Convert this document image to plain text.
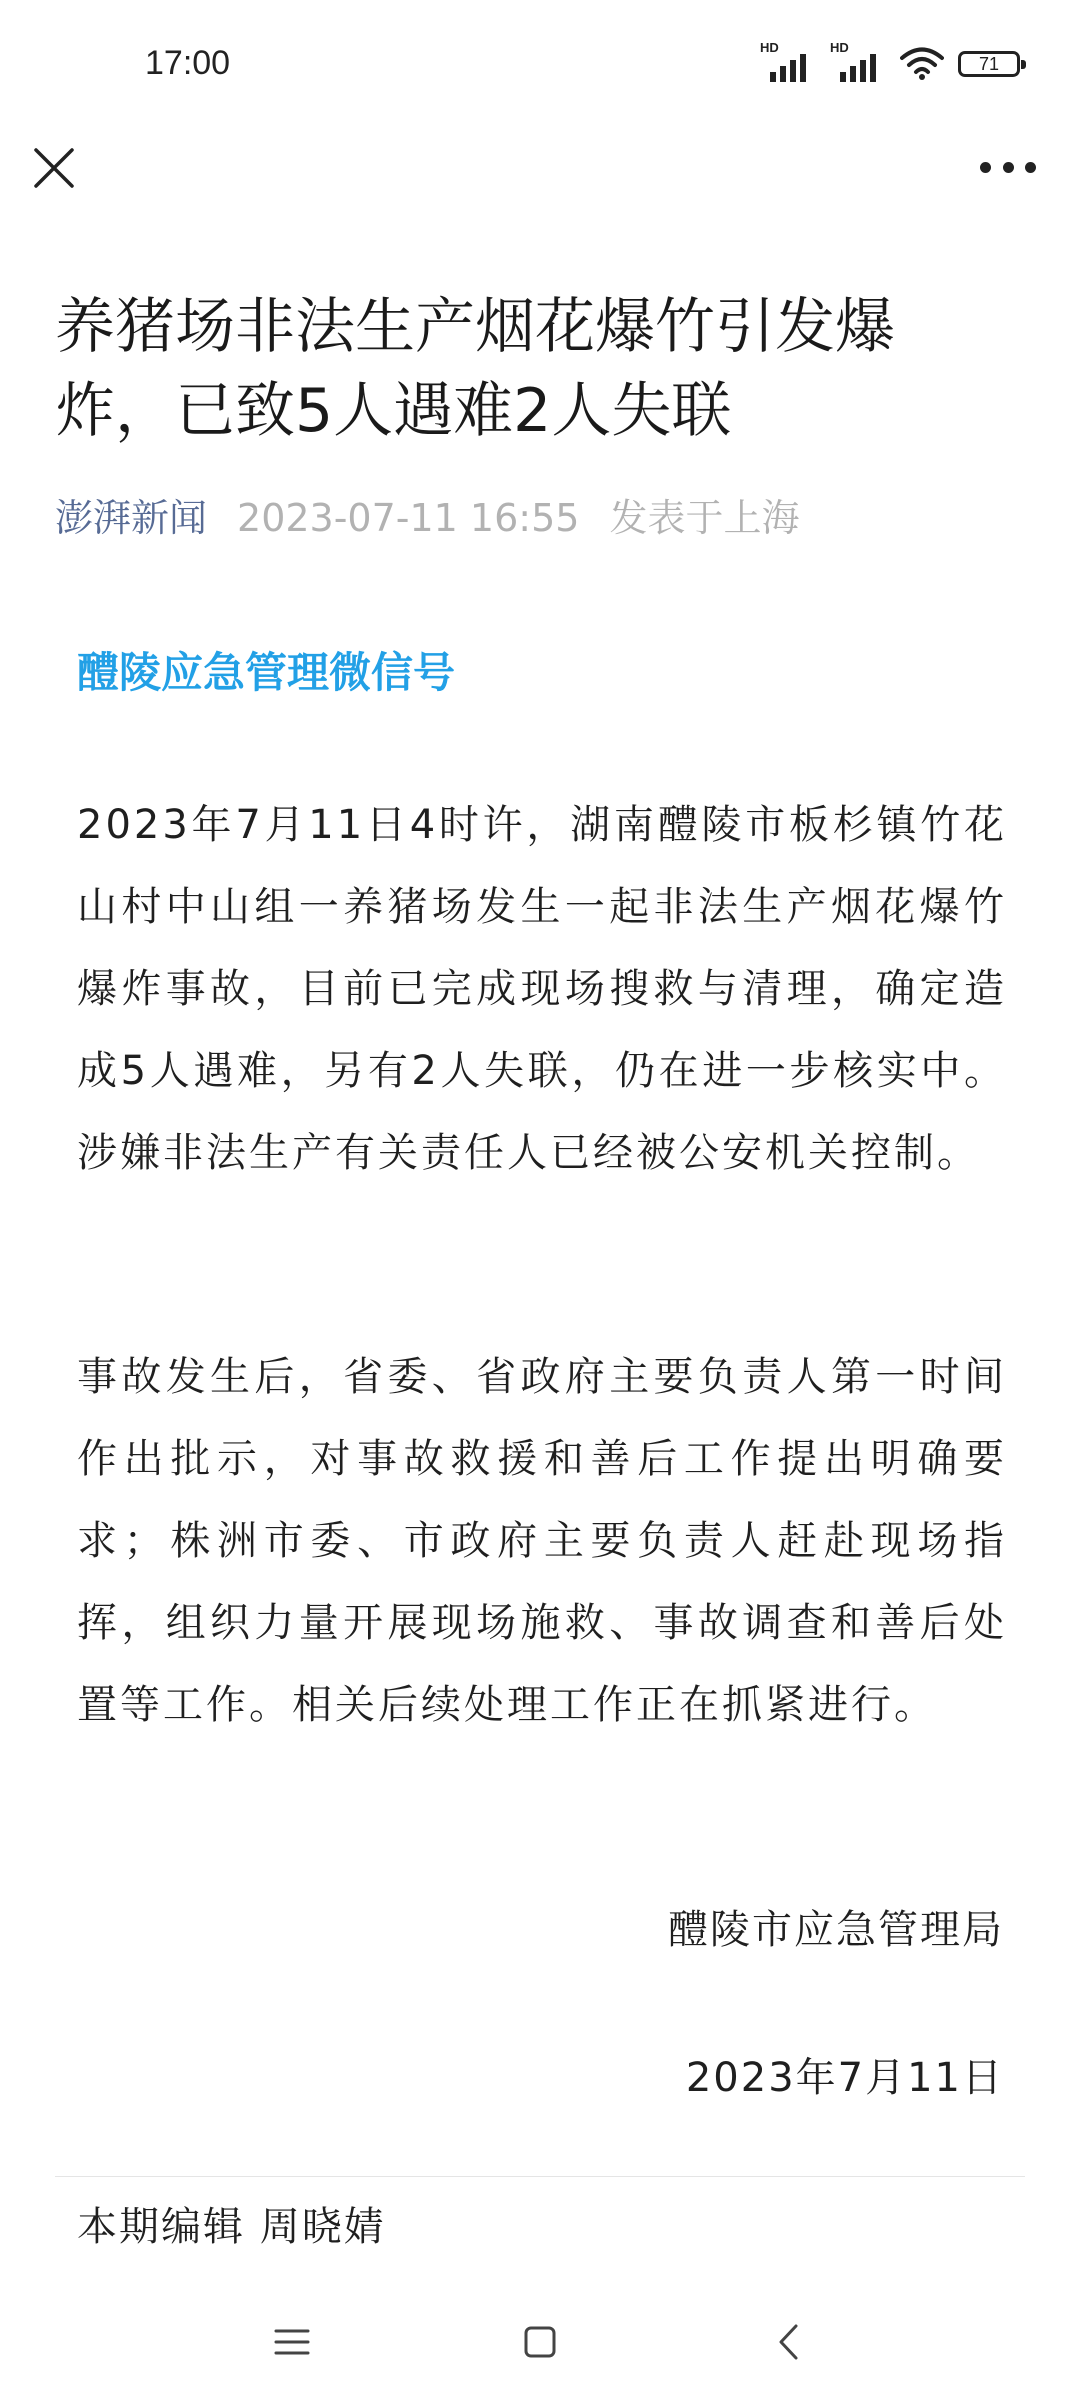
17:00	HD	HD
71
养猪场非法生产烟花爆竹引发爆炸，已致5人遇难2人失联
澎湃新闻 2023-07-11 16:55 发表于上海
醴陵应急管理微信号

2023年7月11日4时许，湖南醴陵市板杉镇竹花山村中山组一养猪场发生一起非法生产烟花爆竹爆炸事故，目前已完成现场搜救与清理，确定造成5人遇难，另有2人失联，仍在进一步核实中。涉嫌非法生产有关责任人已经被公安机关控制。

事故发生后，省委、省政府主要负责人第一时间作出批示，对事故救援和善后工作提出明确要求；株洲市委、市政府主要负责人赶赴现场指挥，组织力量开展现场施救、事故调查和善后处置等工作。相关后续处理工作正在抓紧进行。

醴陵市应急管理局
2023年7月11日
本期编辑 周晓婧
